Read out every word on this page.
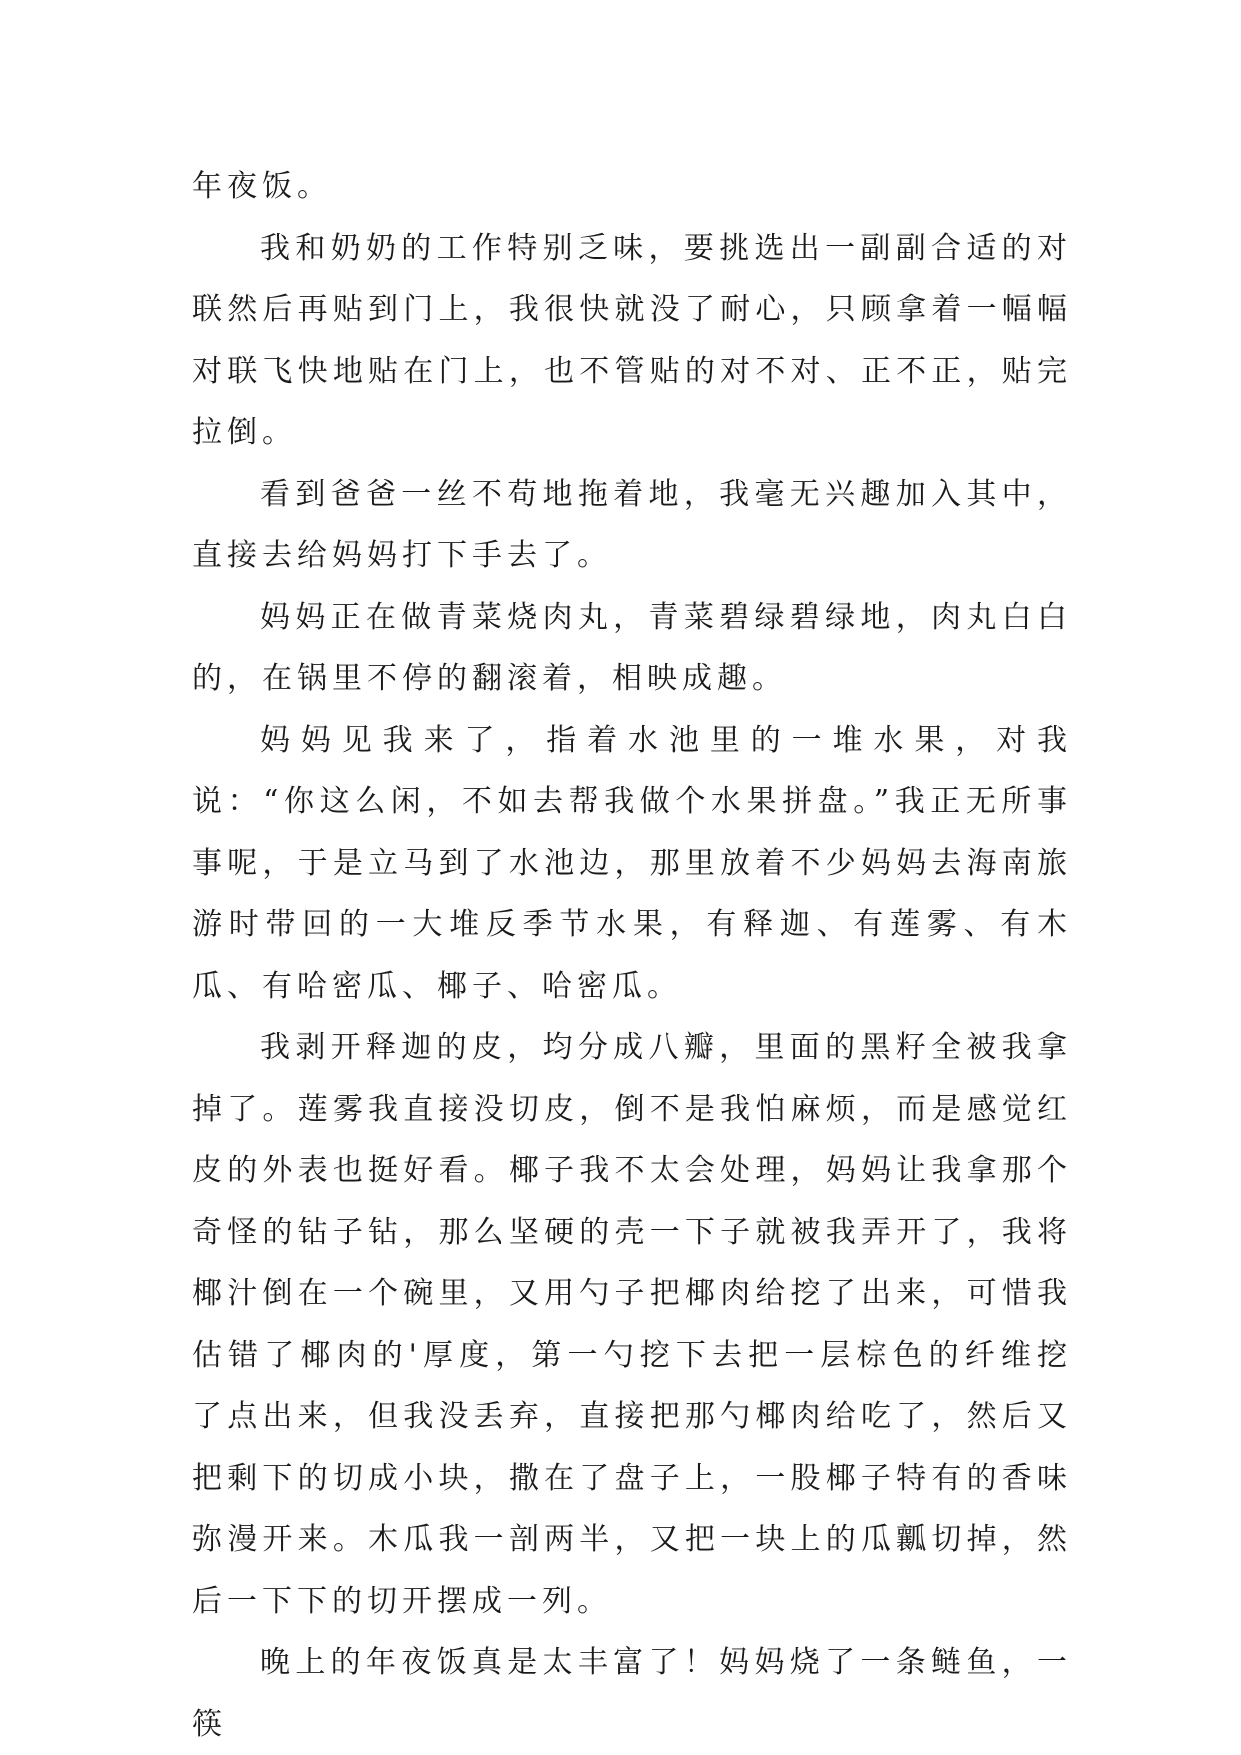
年夜饭。

我和奶奶的工作特别乏味，要挑选出一副副合适的对联然后再贴到门上，我很快就没了耐心，只顾拿着一幅幅对联飞快地贴在门上，也不管贴的对不对、正不正，贴完拉倒。

看到爸爸一丝不苟地拖着地，我毫无兴趣加入其中，直接去给妈妈打下手去了。

妈妈正在做青菜烧肉丸，青菜碧绿碧绿地，肉丸白白的，在锅里不停的翻滚着，相映成趣。

妈妈见我来了，指着水池里的一堆水果，对我说：“你这么闲，不如去帮我做个水果拼盘。”我正无所事事呢，于是立马到了水池边，那里放着不少妈妈去海南旅游时带回的一大堆反季节水果，有释迦、有莲雾、有木瓜、有哈密瓜、椰子、哈密瓜。

我剥开释迦的皮，均分成八瓣，里面的黑籽全被我拿掉了。莲雾我直接没切皮，倒不是我怕麻烦，而是感觉红皮的外表也挺好看。椰子我不太会处理，妈妈让我拿那个奇怪的钻子钻，那么坚硬的壳一下子就被我弄开了，我将椰汁倒在一个碗里，又用勺子把椰肉给挖了出来，可惜我估错了椰肉的'厚度，第一勺挖下去把一层棕色的纤维挖了点出来，但我没丢弃，直接把那勺椰肉给吃了，然后又把剩下的切成小块，撒在了盘子上，一股椰子特有的香味弥漫开来。木瓜我一剖两半，又把一块上的瓜瓤切掉，然后一下下的切开摆成一列。

晚上的年夜饭真是太丰富了！妈妈烧了一条鲢鱼，一筷
